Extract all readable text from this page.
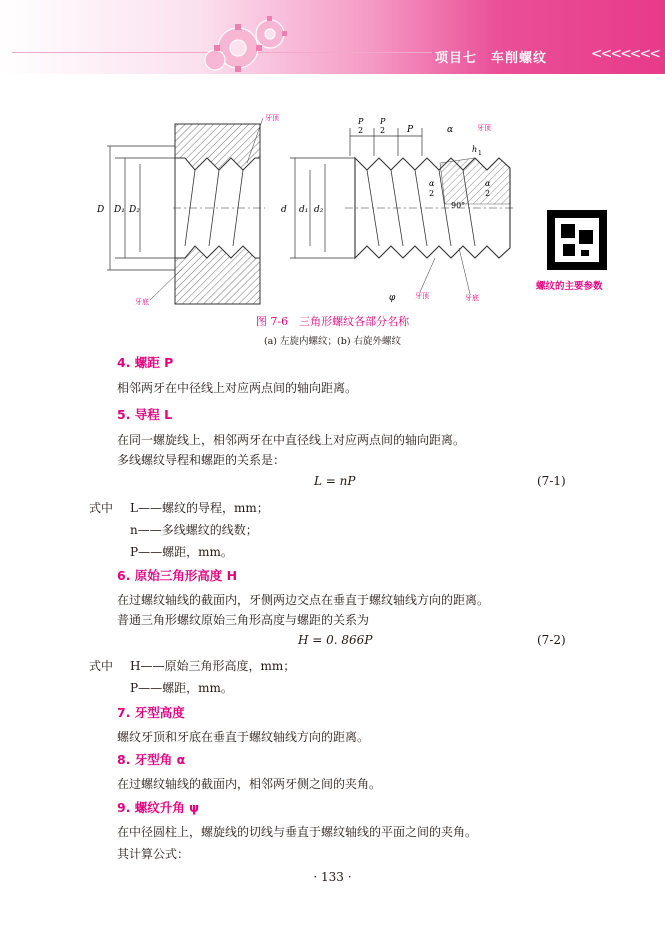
项目七　车削螺纹	<<<<<<<
D D₁ D₂
牙顶
牙底
d d₁ d₂
P
2
P
2 P	α
α
2
α
2
90°
h 1
φ	牙顶	牙底
牙顶
螺纹的主要参数
图 7-6　三角形螺纹各部分名称
(a) 左旋内螺纹；(b) 右旋外螺纹
4. 螺距 P
相邻两牙在中径线上对应两点间的轴向距离。
5. 导程 L
在同一螺旋线上，相邻两牙在中直径线上对应两点间的轴向距离。
多线螺纹导程和螺距的关系是：
L = nP	(7-1)
式中 L——螺纹的导程，mm；
n——多线螺纹的线数；
P——螺距，mm。
6. 原始三角形高度 H
在过螺纹轴线的截面内，牙侧两边交点在垂直于螺纹轴线方向的距离。
普通三角形螺纹原始三角形高度与螺距的关系为
H = 0. 866P	(7-2)
式中 H——原始三角形高度，mm；
P——螺距，mm。
7. 牙型高度
螺纹牙顶和牙底在垂直于螺纹轴线方向的距离。
8. 牙型角 α
在过螺纹轴线的截面内，相邻两牙侧之间的夹角。
9. 螺纹升角 ψ
在中径圆柱上，螺旋线的切线与垂直于螺纹轴线的平面之间的夹角。
其计算公式：
· 133 ·
